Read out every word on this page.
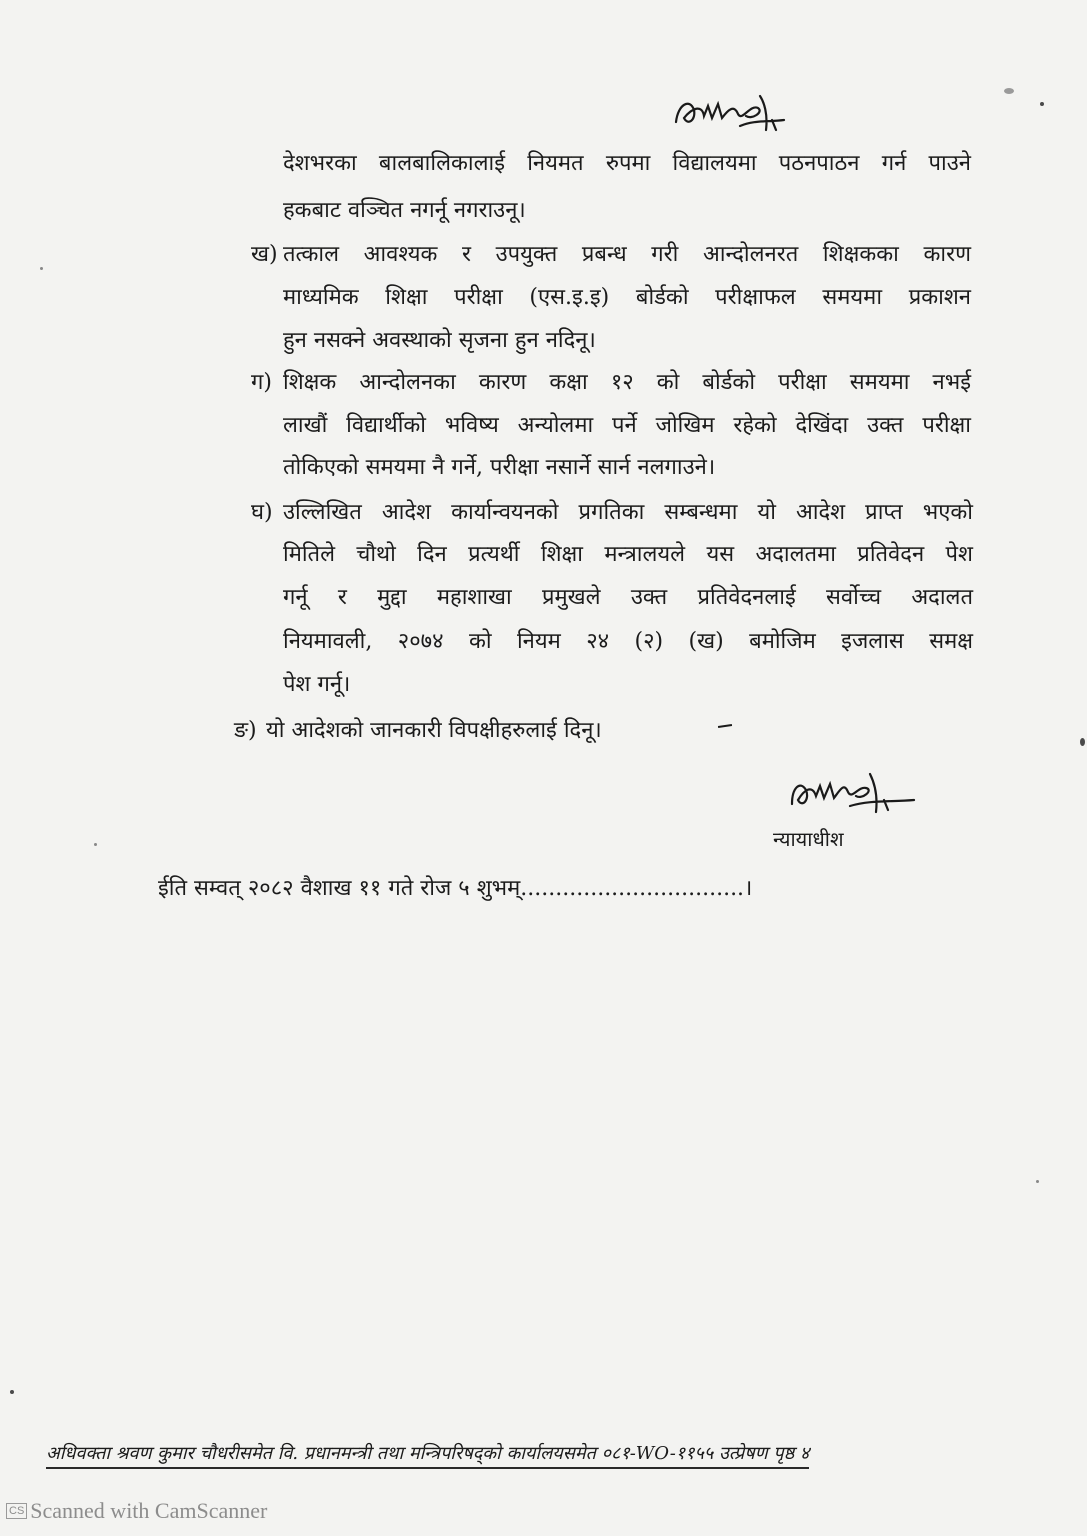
देशभरका बालबालिकालाई नियमत रुपमा विद्यालयमा पठनपाठन गर्न पाउने
हकबाट वञ्चित नगर्नू नगराउनू।
ख) तत्काल आवश्यक र उपयुक्त प्रबन्ध गरी आन्दोलनरत शिक्षकका कारण
माध्यमिक शिक्षा परीक्षा (एस.इ.इ) बोर्डको परीक्षाफल समयमा प्रकाशन
हुन नसक्ने अवस्थाको सृजना हुन नदिनू।
ग) शिक्षक आन्दोलनका कारण कक्षा १२ को बोर्डको परीक्षा समयमा नभई
लाखौं विद्यार्थीको भविष्य अन्योलमा पर्ने जोखिम रहेको देखिंदा उक्त परीक्षा
तोकिएको समयमा नै गर्ने, परीक्षा नसार्ने सार्न नलगाउने।
घ) उल्लिखित आदेश कार्यान्वयनको प्रगतिका सम्बन्धमा यो आदेश प्राप्त भएको
मितिले चौथो दिन प्रत्यर्थी शिक्षा मन्त्रालयले यस अदालतमा प्रतिवेदन पेश
गर्नू र मुद्दा महाशाखा प्रमुखले उक्त प्रतिवेदनलाई सर्वोच्च अदालत
नियमावली, २०७४ को नियम २४ (२) (ख) बमोजिम इजलास समक्ष
पेश गर्नू।
ङ) यो आदेशको जानकारी विपक्षीहरुलाई दिनू।
न्यायाधीश
ईति सम्वत् २०८२ वैशाख ११ गते रोज ५ शुभम्................................।
अधिवक्ता श्रवण कुमार चौधरीसमेत वि. प्रधानमन्त्री तथा मन्त्रिपरिषद्को कार्यालयसमेत ०८१-WO-११५५ उत्प्रेषण पृष्ठ ४
CS Scanned with CamScanner
